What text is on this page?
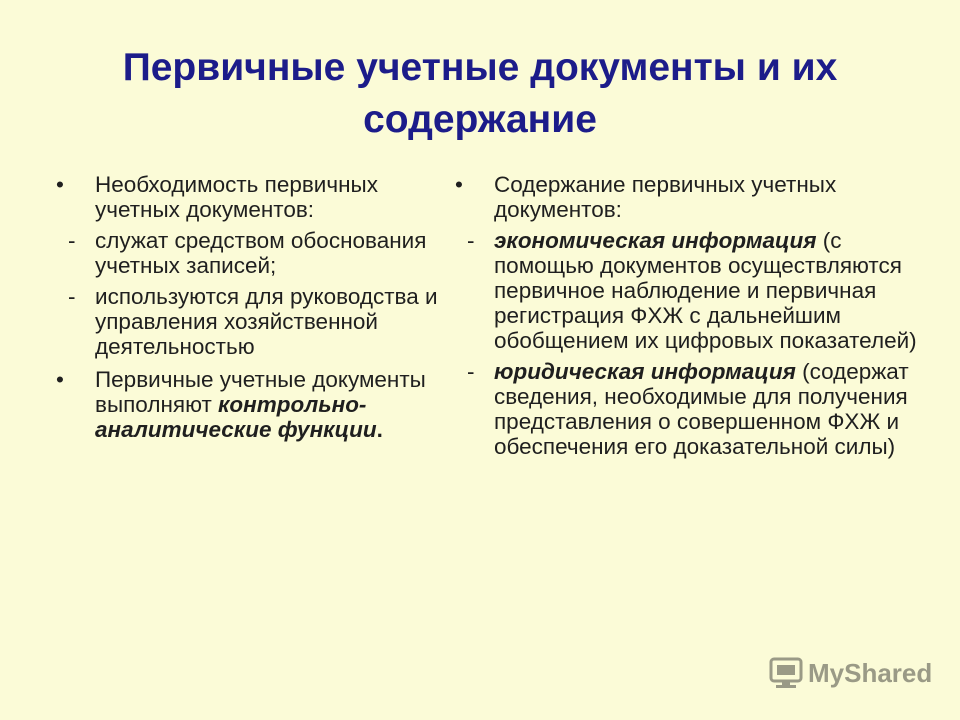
Первичные учетные документы и их
содержание
• Необходимость первичных учетных документов:
- служат средством обоснования учетных записей;
- используются для руководства и управления хозяйственной деятельностью
• Первичные учетные документы выполняют контрольно-аналитические функции.
• Содержание первичных учетных документов:
- экономическая информация (с помощью документов осуществляются первичное наблюдение и первичная регистрация ФХЖ с дальнейшим обобщением их цифровых показателей)
- юридическая информация (содержат сведения, необходимые для получения представления о совершенном ФХЖ и обеспечения его доказательной силы)
MyShared
